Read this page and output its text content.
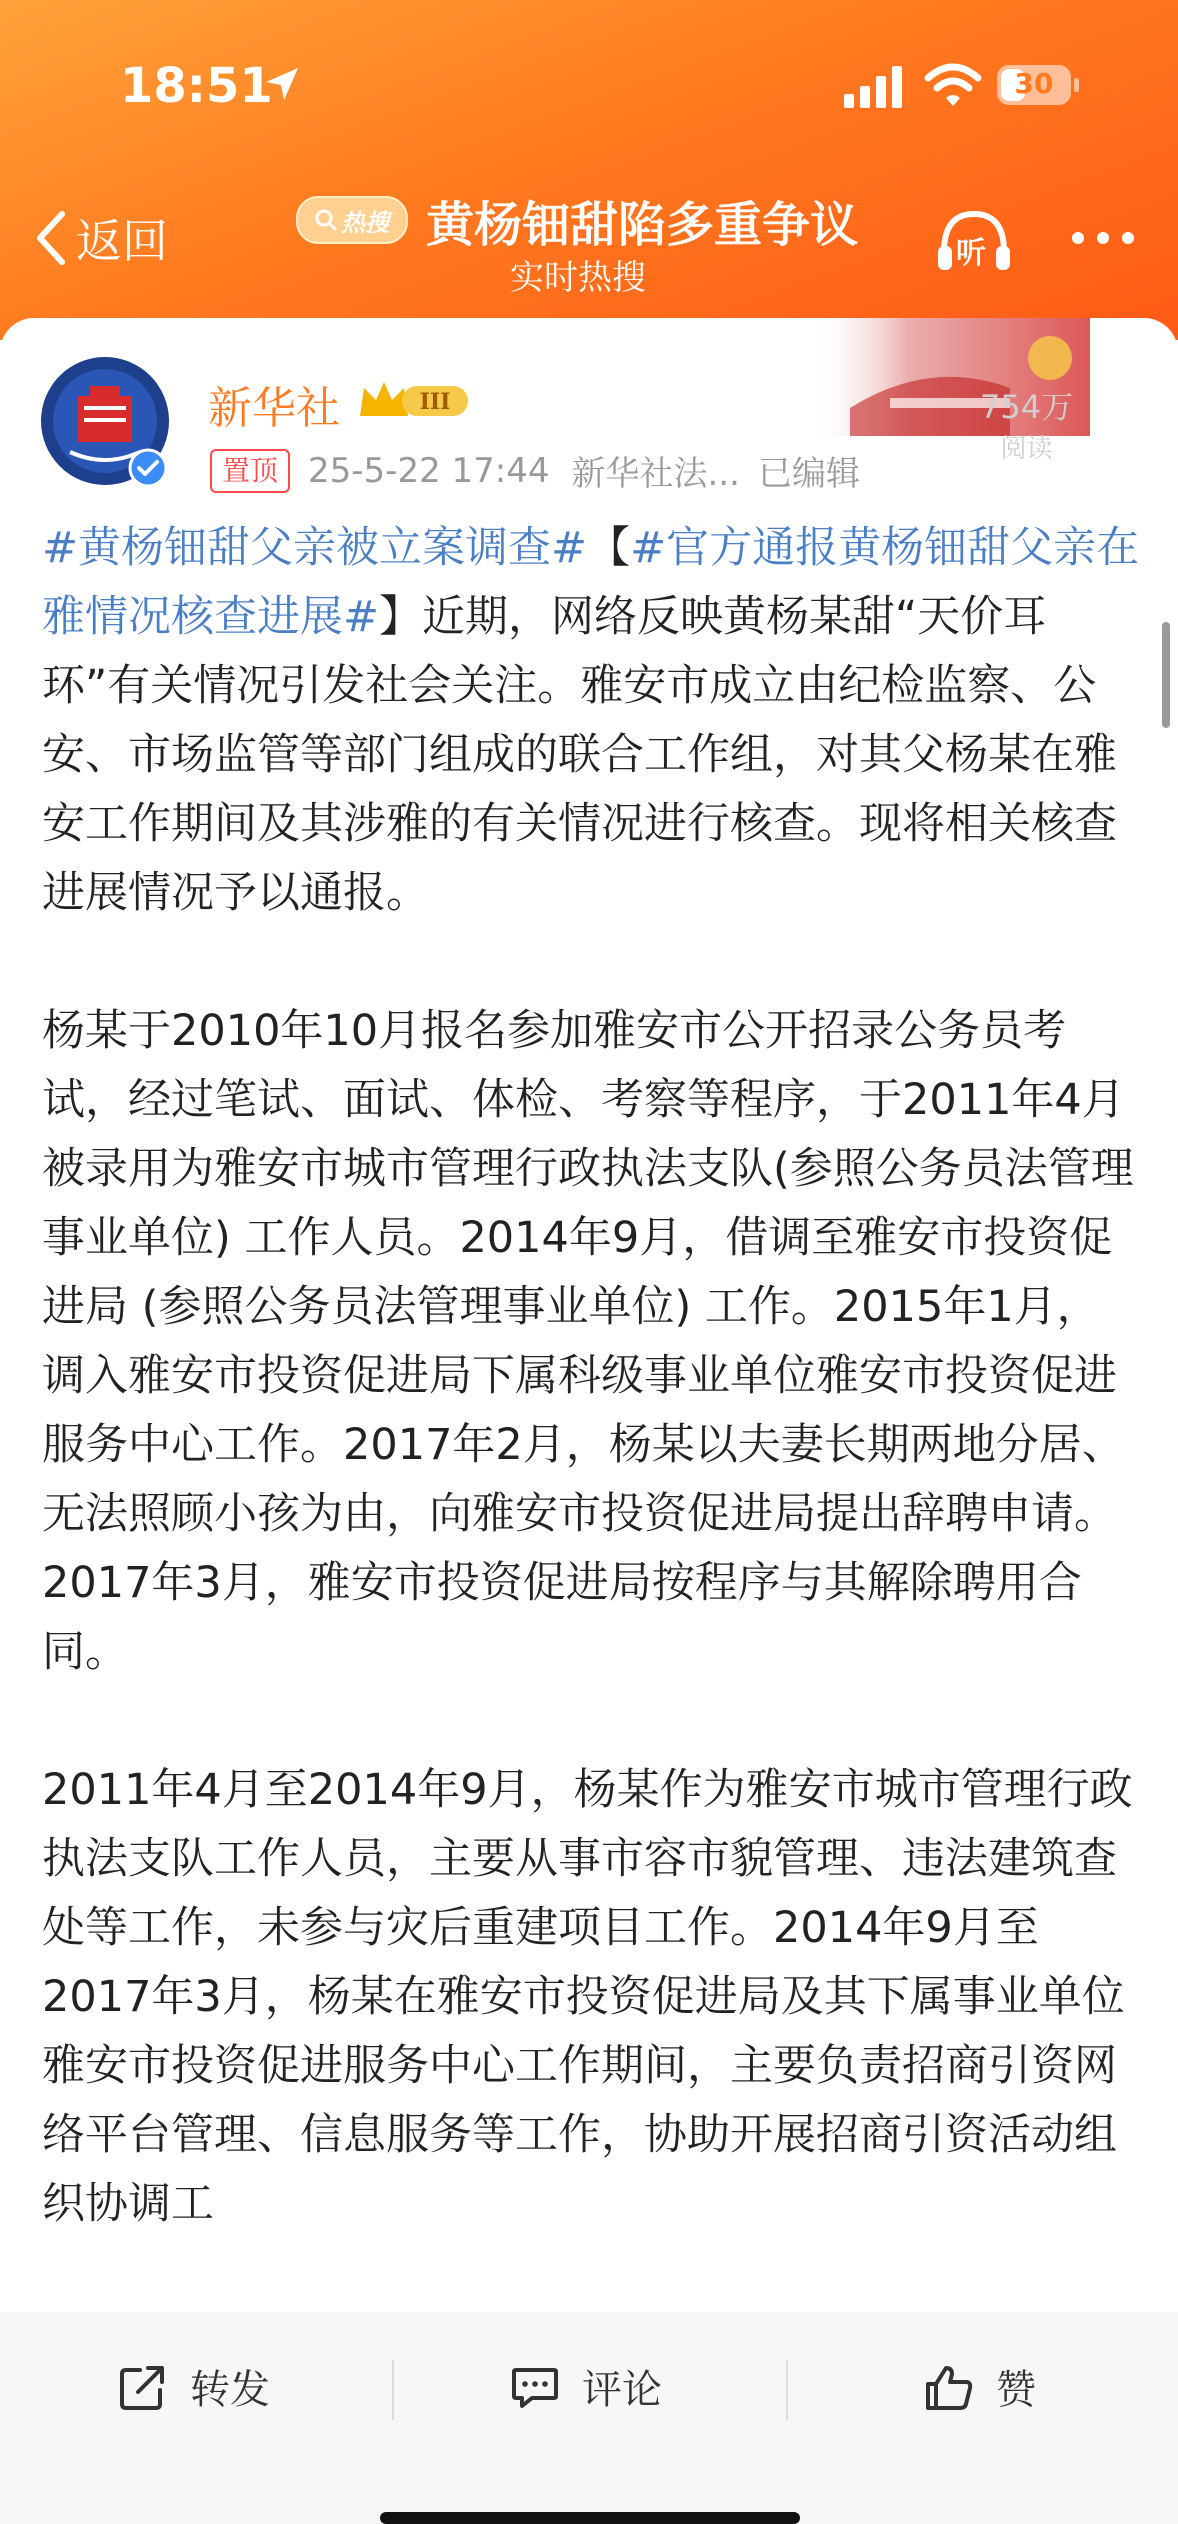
18:51	30
返回	热搜 黄杨钿甜陷多重争议
实时热搜
听
新华社	III
置顶 25-5-22 17:44 新华社法... 已编辑
754万
阅读

#黄杨钿甜父亲被立案调查#【#官方通报黄杨钿甜父亲在雅情况核查进展#】近期，网络反映黄杨某甜“天价耳环”有关情况引发社会关注。雅安市成立由纪检监察、公安、市场监管等部门组成的联合工作组，对其父杨某在雅安工作期间及其涉雅的有关情况进行核查。现将相关核查进展情况予以通报。

杨某于2010年10月报名参加雅安市公开招录公务员考试，经过笔试、面试、体检、考察等程序，于2011年4月被录用为雅安市城市管理行政执法支队(参照公务员法管理事业单位) 工作人员。2014年9月，借调至雅安市投资促进局 (参照公务员法管理事业单位) 工作。2015年1月，调入雅安市投资促进局下属科级事业单位雅安市投资促进服务中心工作。2017年2月，杨某以夫妻长期两地分居、无法照顾小孩为由，向雅安市投资促进局提出辞聘申请。2017年3月，雅安市投资促进局按程序与其解除聘用合同。

2011年4月至2014年9月，杨某作为雅安市城市管理行政执法支队工作人员，主要从事市容市貌管理、违法建筑查处等工作，未参与灾后重建项目工作。2014年9月至2017年3月，杨某在雅安市投资促进局及其下属事业单位雅安市投资促进服务中心工作期间，主要负责招商引资网络平台管理、信息服务等工作，协助开展招商引资活动组织协调工

转发	评论	赞
